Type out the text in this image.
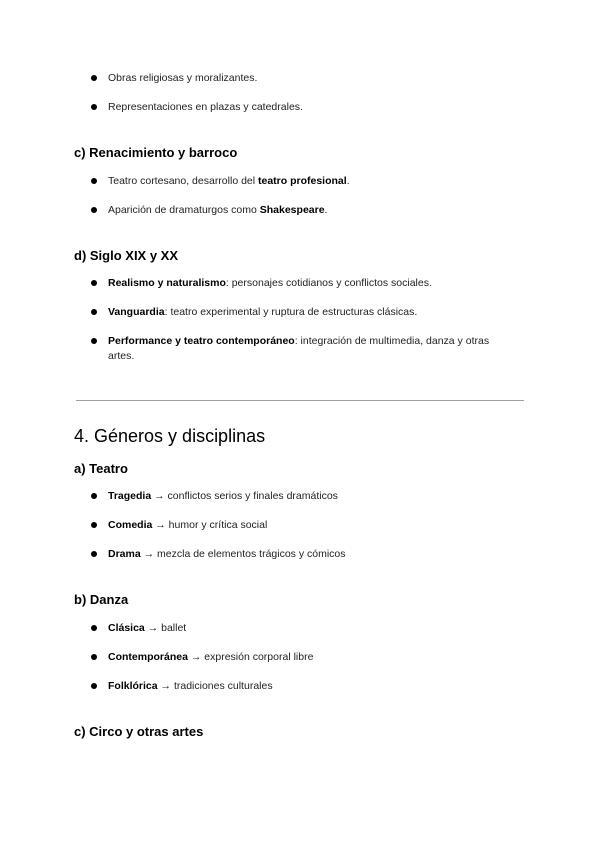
Obras religiosas y moralizantes.
Representaciones en plazas y catedrales.
c) Renacimiento y barroco
Teatro cortesano, desarrollo del teatro profesional.
Aparición de dramaturgos como Shakespeare.
d) Siglo XIX y XX
Realismo y naturalismo: personajes cotidianos y conflictos sociales.
Vanguardia: teatro experimental y ruptura de estructuras clásicas.
Performance y teatro contemporáneo: integración de multimedia, danza y otras artes.
4. Géneros y disciplinas
a) Teatro
Tragedia → conflictos serios y finales dramáticos
Comedia → humor y crítica social
Drama → mezcla de elementos trágicos y cómicos
b) Danza
Clásica → ballet
Contemporánea → expresión corporal libre
Folklórica → tradiciones culturales
c) Circo y otras artes
